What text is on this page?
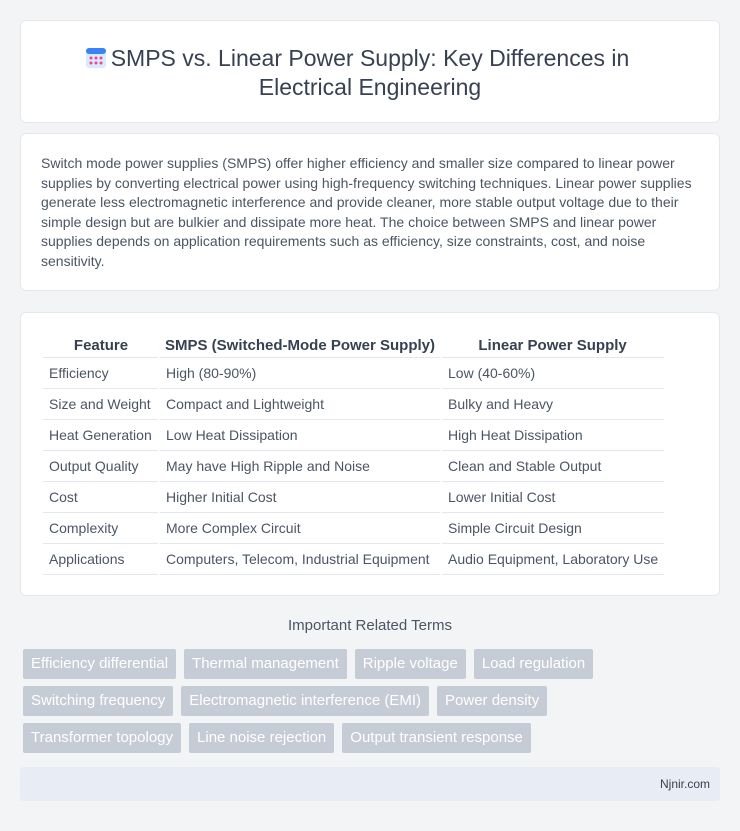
SMPS vs. Linear Power Supply: Key Differences in
Electrical Engineering

Switch mode power supplies (SMPS) offer higher efficiency and smaller size compared to linear power supplies by converting electrical power using high-frequency switching techniques. Linear power supplies generate less electromagnetic interference and provide cleaner, more stable output voltage due to their simple design but are bulkier and dissipate more heat. The choice between SMPS and linear power supplies depends on application requirements such as efficiency, size constraints, cost, and noise sensitivity.

Feature	SMPS (Switched-Mode Power Supply)	Linear Power Supply
Efficiency	High (80-90%)	Low (40-60%)
Size and Weight	Compact and Lightweight	Bulky and Heavy
Heat Generation	Low Heat Dissipation	High Heat Dissipation
Output Quality	May have High Ripple and Noise	Clean and Stable Output
Cost	Higher Initial Cost	Lower Initial Cost
Complexity	More Complex Circuit	Simple Circuit Design
Applications	Computers, Telecom, Industrial Equipment	Audio Equipment, Laboratory Use
Important Related Terms
Efficiency differential	Thermal management	Ripple voltage	Load regulation
Switching frequency	Electromagnetic interference (EMI)	Power density
Transformer topology	Line noise rejection	Output transient response
Njnir.com
